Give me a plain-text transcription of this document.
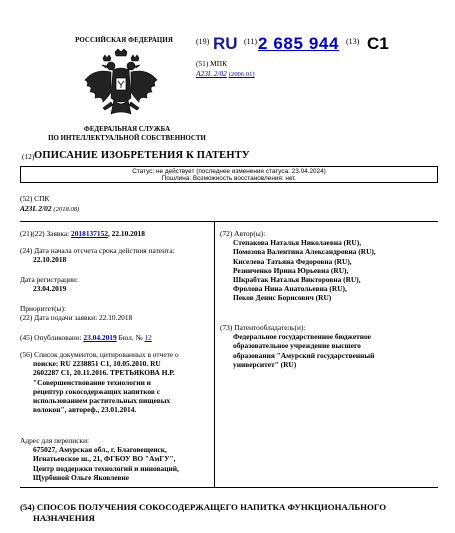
РОССИЙСКАЯ ФЕДЕРАЦИЯ
ФЕДЕРАЛЬНАЯ СЛУЖБА
ПО ИНТЕЛЛЕКТУАЛЬНОЙ СОБСТВЕННОСТИ
(19) RU (11) 2 685 944 (13) C1
(51) МПК
A23L 2/02 (2006.01)
(12) ОПИСАНИЕ ИЗОБРЕТЕНИЯ К ПАТЕНТУ
Статус: не действует (последнее изменение статуса: 23.04.2024)
Пошлина: Возможность восстановления: нет.
(52) СПК
A23L 2/02 (2018.08)
(21)(22) Заявка: 2018137152, 22.10.2018
(24) Дата начала отсчета срока действия патента:
22.10.2018
Дата регистрации:
23.04.2019
Приоритет(ы):
(22) Дата подачи заявки: 22.10.2018
(45) Опубликовано: 23.04.2019 Бюл. № 12
(56) Список документов, цитированных в отчете о
поиске: RU 2238851 C1, 10.05.2010. RU
2602287 C1, 20.11.2016. ТРЕТЬЯКОВА Н.Р.
"Совершенствование технологии и
рецептур сокосодержащих напитков с
использованием растительных пищевых
волокон", автореф., 23.01.2014.
Адрес для переписки:
675027, Амурская обл., г. Благовещенск,
Игнатьевское ш., 21, ФГБОУ ВО "АмГУ",
Центр поддержки технологий и инноваций,
Щурбиной Ольге Яковлевне
(72) Автор(ы):
Степакова Наталья Николаевна (RU),
Помозова Валентина Александровна (RU),
Киселева Татьяна Федоровна (RU),
Резниченко Ирина Юрьевна (RU),
Шкрабтак Наталья Викторовна (RU),
Фролова Нина Анатольевна (RU),
Пеков Денис Борисович (RU)
(73) Патентообладатель(и):
Федеральное государственное бюджетное
образовательное учреждение высшего
образования "Амурский государственный
университет" (RU)
(54) СПОСОБ ПОЛУЧЕНИЯ СОКОСОДЕРЖАЩЕГО НАПИТКА ФУНКЦИОНАЛЬНОГО
НАЗНАЧЕНИЯ
